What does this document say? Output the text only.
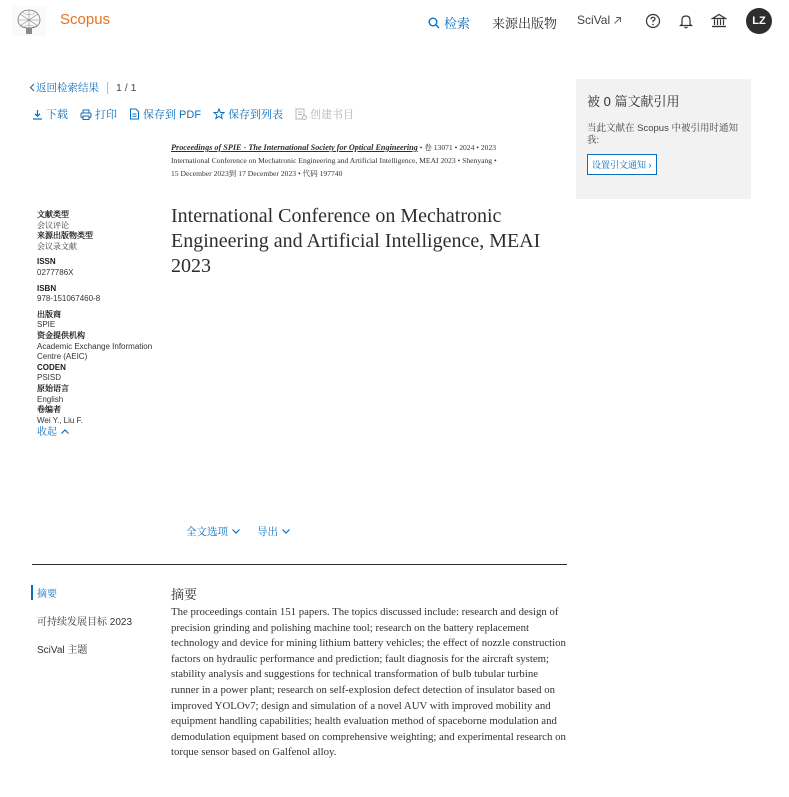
Scopus	检索 来源出版物 SciVal	LZ
返回检索结果 1 / 1
下载 打印 保存到 PDF 保存到列表 创建书目
被 0 篇文献引用
当此文献在 Scopus 中被引用时通知我:
设置引文通知 ›
Proceedings of SPIE - The International Society for Optical Engineering • 卷 13071 • 2024 • 2023
International Conference on Mechatronic Engineering and Artificial Intelligence, MEAI 2023 • Shenyang •
15 December 2023到 17 December 2023 • 代码 197740
International Conference on Mechatronic Engineering and Artificial Intelligence, MEAI 2023
文献类型
会议评论
来源出版物类型
会议录文献
ISSN
0277786X
ISBN
978-151067460-8
出版商
SPIE
资金提供机构
Academic Exchange Information Centre (AEIC)
CODEN
PSISD
原始语言
English
卷编者
Wei Y., Liu F.
收起
全文选项	导出
摘要
可持续发展目标 2023
SciVal 主题
摘要
The proceedings contain 151 papers. The topics discussed include: research and design of precision grinding and polishing machine tool; research on the battery replacement technology and device for mining lithium battery vehicles; the effect of nozzle construction factors on hydraulic performance and prediction; fault diagnosis for the aircraft system; stability analysis and suggestions for technical transformation of bulb tubular turbine runner in a power plant; research on self-explosion defect detection of insulator based on improved YOLOv7; design and simulation of a novel AUV with improved mobility and equipment handling capabilities; health evaluation method of spaceborne modulation and demodulation equipment based on comprehensive weighting; and experimental research on torque sensor based on Galfenol alloy.
